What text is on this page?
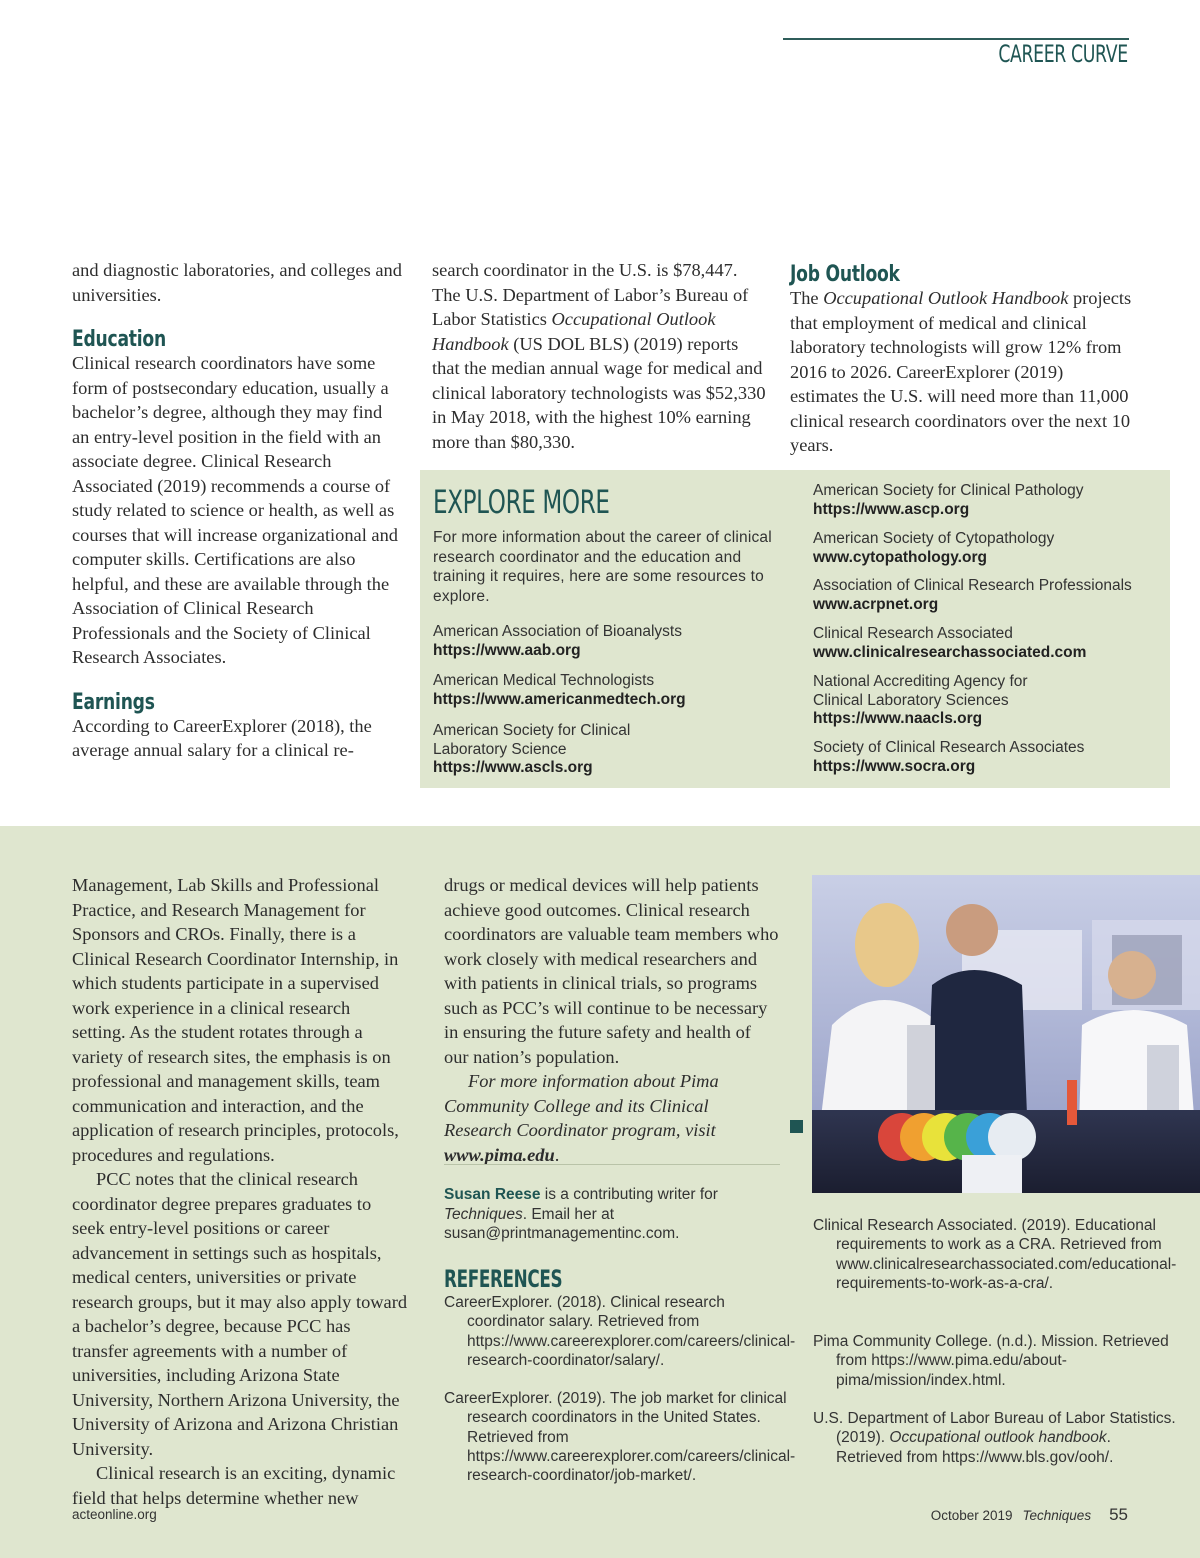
CAREER CURVE

and diagnostic laboratories, and colleges and universities.

Education

Clinical research coordinators have some form of postsecondary education, usually a bachelor’s degree, although they may find an entry-level position in the field with an associate degree. Clinical Research Associated (2019) recommends a course of study related to science or health, as well as courses that will increase organizational and computer skills. Certifications are also helpful, and these are available through the Association of Clinical Research Professionals and the Society of Clinical Research Associates.

Earnings

According to CareerExplorer (2018), the average annual salary for a clinical re-

search coordinator in the U.S. is $78,447. The U.S. Department of Labor’s Bureau of Labor Statistics Occupational Outlook Handbook (US DOL BLS) (2019) reports that the median annual wage for medical and clinical laboratory technologists was $52,330 in May 2018, with the highest 10% earning more than $80,330.

Job Outlook

The Occupational Outlook Handbook projects that employment of medical and clinical laboratory technologists will grow 12% from 2016 to 2026. CareerExplorer (2019) estimates the U.S. will need more than 11,000 clinical research coordinators over the next 10 years.

EXPLORE MORE
For more information about the career of clinical research coordinator and the education and training it requires, here are some resources to explore.
American Association of Bioanalysts
https://www.aab.org
American Medical Technologists
https://www.americanmedtech.org
American Society for Clinical Laboratory Science
https://www.ascls.org
American Society for Clinical Pathology
https://www.ascp.org
American Society of Cytopathology
www.cytopathology.org
Association of Clinical Research Professionals
www.acrpnet.org
Clinical Research Associated
www.clinicalresearchassociated.com
National Accrediting Agency for Clinical Laboratory Sciences
https://www.naacls.org
Society of Clinical Research Associates
https://www.socra.org

Management, Lab Skills and Professional Practice, and Research Management for Sponsors and CROs. Finally, there is a Clinical Research Coordinator Internship, in which students participate in a supervised work experience in a clinical research setting. As the student rotates through a variety of research sites, the emphasis is on professional and management skills, team communication and interaction, and the application of research principles, protocols, procedures and regulations.

PCC notes that the clinical research coordinator degree prepares graduates to seek entry-level positions or career advancement in settings such as hospitals, medical centers, universities or private research groups, but it may also apply toward a bachelor’s degree, because PCC has transfer agreements with a number of universities, including Arizona State University, Northern Arizona University, the University of Arizona and Arizona Christian University.

Clinical research is an exciting, dynamic field that helps determine whether new

drugs or medical devices will help patients achieve good outcomes. Clinical research coordinators are valuable team members who work closely with medical researchers and with patients in clinical trials, so programs such as PCC’s will continue to be necessary in ensuring the future safety and health of our nation’s population.

For more information about Pima Community College and its Clinical Research Coordinator program, visit www.pima.edu.

Susan Reese is a contributing writer for Techniques. Email her at susan@printmanagementinc.com.
REFERENCES
CareerExplorer. (2018). Clinical research coordinator salary. Retrieved from https://www.careerexplorer.com/careers/clinical-research-coordinator/salary/.
CareerExplorer. (2019). The job market for clinical research coordinators in the United States. Retrieved from https://www.careerexplorer.com/careers/clinical-research-coordinator/job-market/.
Clinical Research Associated. (2019). Educational requirements to work as a CRA. Retrieved from www.clinicalresearchassociated.com/educational-requirements-to-work-as-a-cra/.
Pima Community College. (n.d.). Mission. Retrieved from https://www.pima.edu/about-pima/mission/index.html.
U.S. Department of Labor Bureau of Labor Statistics. (2019). Occupational outlook handbook. Retrieved from https://www.bls.gov/ooh/.
acteonline.org	October 2019 Techniques 55
